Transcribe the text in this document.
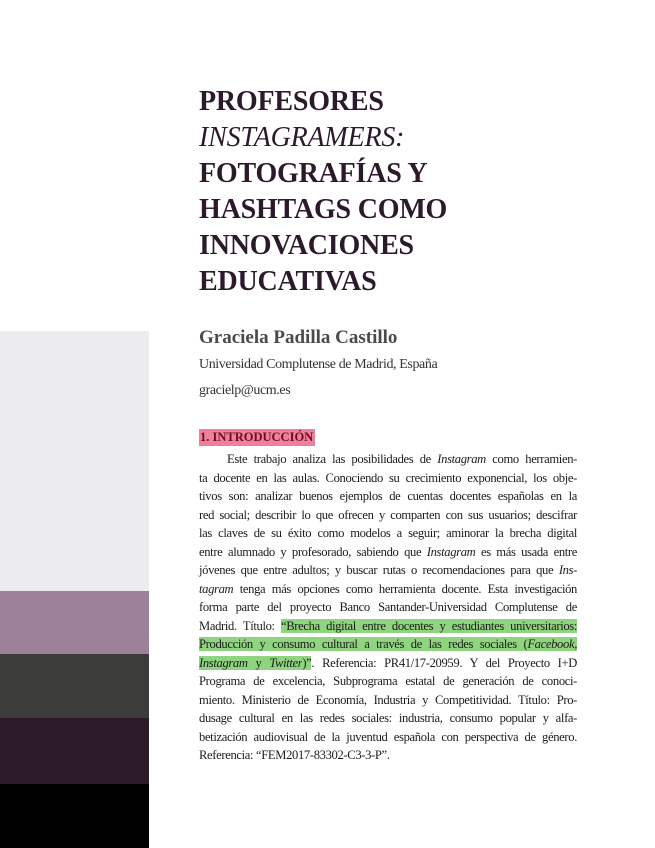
PROFESORES
INSTAGRAMERS:
FOTOGRAFÍAS Y
HASHTAGS COMO
INNOVACIONES
EDUCATIVAS

Graciela Padilla Castillo

Universidad Complutense de Madrid, España
gracielp@ucm.es
1. INTRODUCCIÓN
Este trabajo analiza las posibilidades de Instagram como herramien-
ta docente en las aulas. Conociendo su crecimiento exponencial, los obje-
tivos son: analizar buenos ejemplos de cuentas docentes españolas en la
red social; describir lo que ofrecen y comparten con sus usuarios; descifrar
las claves de su éxito como modelos a seguir; aminorar la brecha digital
entre alumnado y profesorado, sabiendo que Instagram es más usada entre
jóvenes que entre adultos; y buscar rutas o recomendaciones para que Ins-
tagram tenga más opciones como herramienta docente. Esta investigación
forma parte del proyecto Banco Santander-Universidad Complutense de
Madrid. Título: “Brecha digital entre docentes y estudiantes universitarios:
Producción y consumo cultural a través de las redes sociales (Facebook,
Instagram y Twitter)”. Referencia: PR41/17-20959. Y del Proyecto I+D
Programa de excelencia, Subprograma estatal de generación de conoci-
miento. Ministerio de Economía, Industria y Competitividad. Título: Pro-
dusage cultural en las redes sociales: industria, consumo popular y alfa-
betización audiovisual de la juventud española con perspectiva de género.
Referencia: “FEM2017-83302-C3-3-P”.
